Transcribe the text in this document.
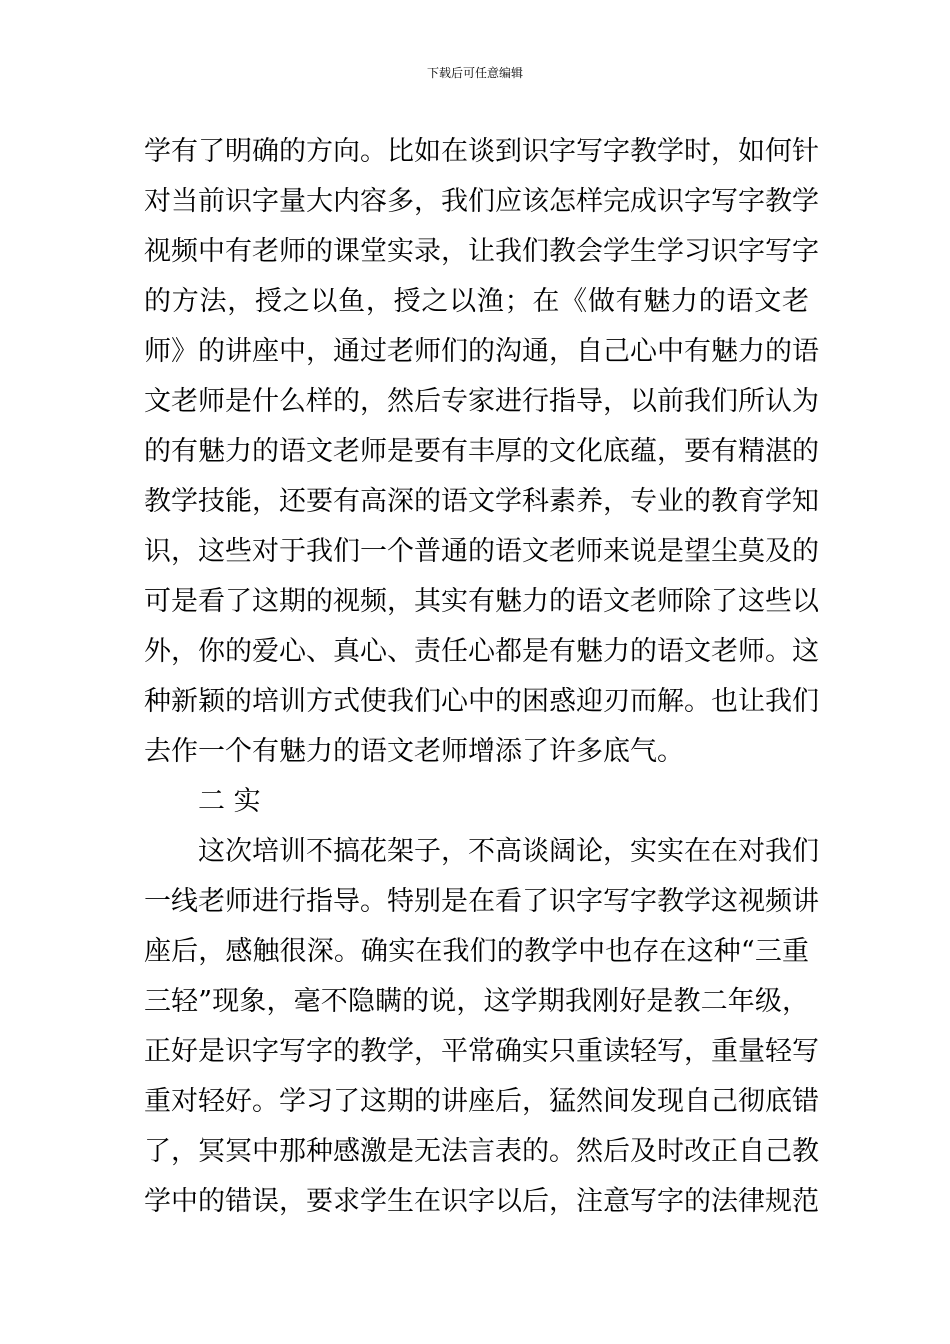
下载后可任意编辑
学有了明确的方向。比如在谈到识字写字教学时，如何针
对当前识字量大内容多，我们应该怎样完成识字写字教学
视频中有老师的课堂实录，让我们教会学生学习识字写字
的方法，授之以鱼，授之以渔；在《做有魅力的语文老
师》的讲座中，通过老师们的沟通，自己心中有魅力的语
文老师是什么样的，然后专家进行指导，以前我们所认为
的有魅力的语文老师是要有丰厚的文化底蕴，要有精湛的
教学技能，还要有高深的语文学科素养，专业的教育学知
识，这些对于我们一个普通的语文老师来说是望尘莫及的
可是看了这期的视频，其实有魅力的语文老师除了这些以
外，你的爱心、真心、责任心都是有魅力的语文老师。这
种新颖的培训方式使我们心中的困惑迎刃而解。也让我们
去作一个有魅力的语文老师增添了许多底气。
二 实
这次培训不搞花架子，不高谈阔论，实实在在对我们
一线老师进行指导。特别是在看了识字写字教学这视频讲
座后，感触很深。确实在我们的教学中也存在这种“三重
三轻”现象，毫不隐瞒的说，这学期我刚好是教二年级，
正好是识字写字的教学，平常确实只重读轻写，重量轻写
重对轻好。学习了这期的讲座后，猛然间发现自己彻底错
了，冥冥中那种感激是无法言表的。然后及时改正自己教
学中的错误，要求学生在识字以后，注意写字的法律规范
